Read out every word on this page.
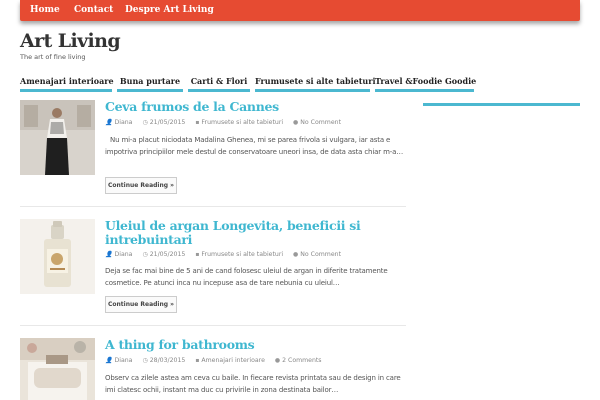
Home Contact Despre Art Living
Art Living
The art of fine living
Amenajari interioare Buna purtare	Carti & Flori Frumusete si alte tabieturi Travel &Foodie Goodie
Ceva frumos de la Cannes
👤 Diana ◷ 21/05/2015 ▪ Frumusete si alte tabieturi ● No Comment
Nu mi-a placut niciodata Madalina Ghenea, mi se parea frivola si vulgara, iar asta e impotriva principiilor mele destul de conservatoare uneori insa, de data asta chiar m-a…
Continue Reading »
Uleiul de argan Longevita, beneficii si intrebuintari
👤 Diana ◷ 21/05/2015 ▪ Frumusete si alte tabieturi ● No Comment
Deja se fac mai bine de 5 ani de cand folosesc uleiul de argan in diferite tratamente cosmetice. Pe atunci inca nu incepuse asa de tare nebunia cu uleiul…
Continue Reading »
A thing for bathrooms
👤 Diana ◷ 28/03/2015 ▪ Amenajari interioare ● 2 Comments
Observ ca zilele astea am ceva cu baile. In fiecare revista printata sau de design in care imi clatesc ochii, instant ma duc cu privirile in zona destinata bailor…
